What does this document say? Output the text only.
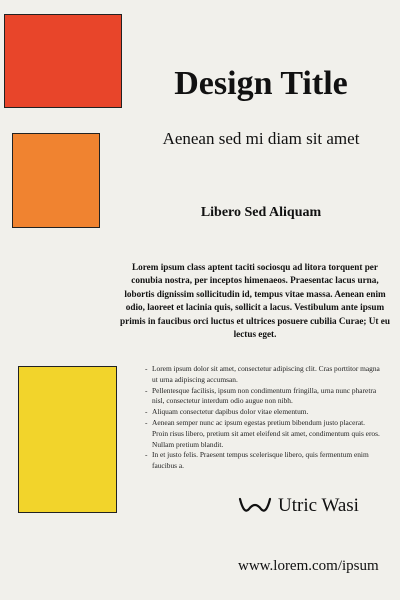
Design Title
Aenean sed mi diam sit amet
Libero Sed Aliquam

Lorem ipsum class aptent taciti sociosqu ad litora torquent per conubia nostra, per inceptos himenaeos. Praesentac lacus urna, lobortis dignissim sollicitudin id, tempus vitae massa. Aenean enim odio, laoreet et lacinia quis, sollicit a lacus. Vestibulum ante ipsum primis in faucibus orci luctus et ultrices posuere cubilia Curae; Ut eu lectus eget.

- Lorem ipsum dolor sit amet, consectetur adipiscing clit. Cras porttitor magna ut urna adipiscing accumsan.
- Pellentesque facilisis, ipsum non condimentum fringilla, urna nunc pharetra nisl, consectetur interdum odio augue non nibh.
- Aliquam consectetur dapibus dolor vitae elementum.
- Aenean semper nunc ac ipsum egestas pretium bibendum justo placerat. Proin risus libero, pretium sit amet eleifend sit amet, condimentum quis eros. Nullam pretium blandit.
- In et justo felis. Praesent tempus scelerisque libero, quis fermentum enim faucibus a.
Utric Wasi
www.lorem.com/ipsum
